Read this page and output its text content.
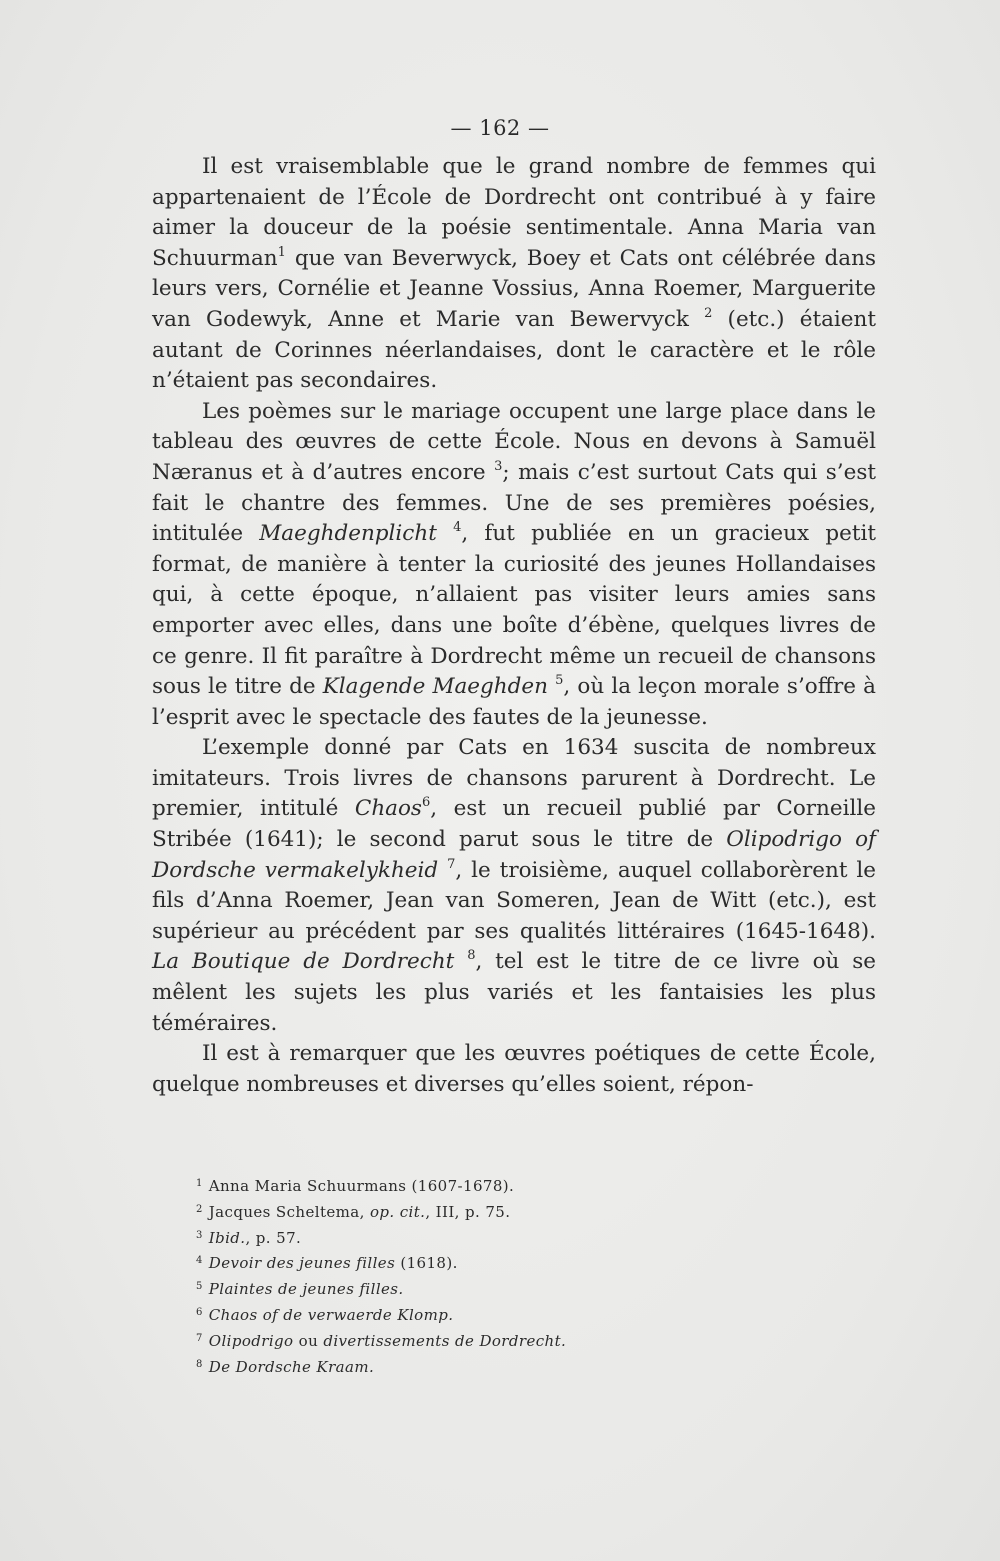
— 162 —

Il est vraisemblable que le grand nombre de femmes qui appartenaient de l’École de Dordrecht ont contribué à y faire aimer la douceur de la poésie sentimentale. Anna Maria van Schuurman$^1$ que van Beverwyck, Boey et Cats ont célébrée dans leurs vers, Cornélie et Jeanne Vossius, Anna Roemer, Marguerite van Godewyk, Anne et Marie van Bewervyck $^2$ (etc.) étaient autant de Corinnes néerlandaises, dont le caractère et le rôle n’étaient pas secondaires.

Les poèmes sur le mariage occupent une large place dans le tableau des œuvres de cette École. Nous en devons à Samuël Næranus et à d’autres encore $^3$; mais c’est surtout Cats qui s’est fait le chantre des femmes. Une de ses premières poésies, intitulée Maeghdenplicht $^4$, fut publiée en un gracieux petit format, de manière à tenter la curiosité des jeunes Hollandaises qui, à cette époque, n’allaient pas visiter leurs amies sans emporter avec elles, dans une boîte d’ébène, quelques livres de ce genre. Il fit paraître à Dordrecht même un recueil de chansons sous le titre de Klagende Maeghden $^5$, où la leçon morale s’offre à l’esprit avec le spectacle des fautes de la jeunesse.

L’exemple donné par Cats en 1634 suscita de nombreux imitateurs. Trois livres de chansons parurent à Dordrecht. Le premier, intitulé Chaos$^6$, est un recueil publié par Corneille Stribée (1641); le second parut sous le titre de Olipodrigo of Dordsche vermakelykheid $^7$, le troisième, auquel collaborèrent le fils d’Anna Roemer, Jean van Someren, Jean de Witt (etc.), est supérieur au précédent par ses qualités littéraires (1645-1648). La Boutique de Dordrecht $^8$, tel est le titre de ce livre où se mêlent les sujets les plus variés et les fantaisies les plus téméraires.

Il est à remarquer que les œuvres poétiques de cette École, quelque nombreuses et diverses qu’elles soient, répon-

$^1$ Anna Maria Schuurmans (1607-1678).
$^2$ Jacques Scheltema, op. cit., III, p. 75.
$^3$ Ibid., p. 57.
$^4$ Devoir des jeunes filles (1618).
$^5$ Plaintes de jeunes filles.
$^6$ Chaos of de verwaerde Klomp.
$^7$ Olipodrigo ou divertissements de Dordrecht.
$^8$ De Dordsche Kraam.
